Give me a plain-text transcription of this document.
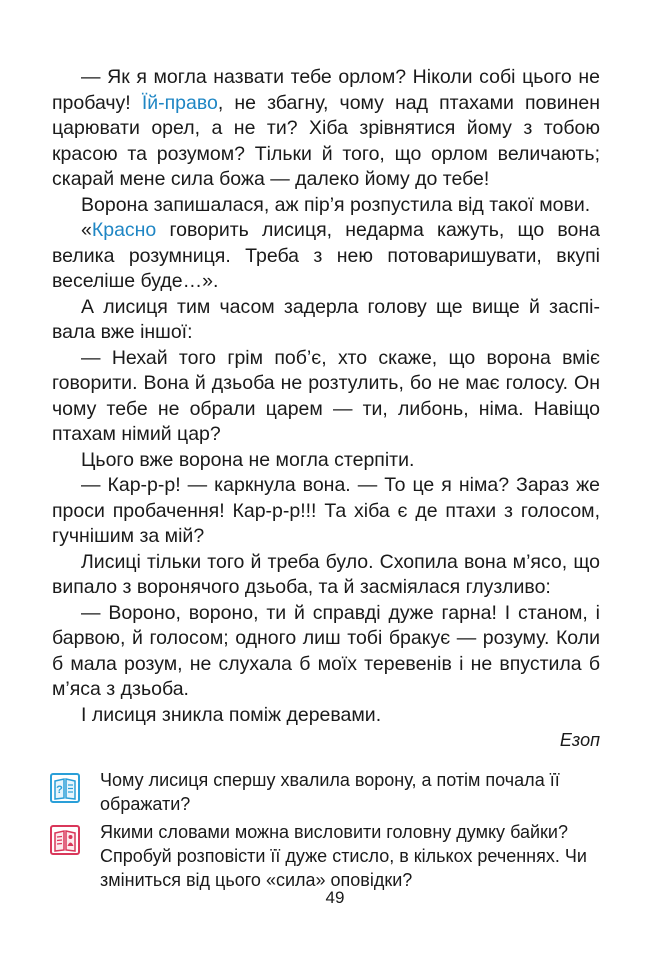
— Як я могла назвати тебе орлом? Ніколи собі цього не пробачу! Їй-право, не збагну, чому над птахами повинен царювати орел, а не ти? Хіба зрівнятися йому з тобою красою та розумом? Тільки й того, що орлом величають; скарай мене сила божа — далеко йому до тебе!

Ворона запишалася, аж пір’я розпустила від такої мови.

«Красно говорить лисиця, недарма кажуть, що вона велика розумниця. Треба з нею потоваришувати, вкупі веселіше буде…».

А лисиця тим часом задерла голову ще вище й заспівала вже іншої:

— Нехай того грім поб’є, хто скаже, що ворона вміє говорити. Вона й дзьоба не розтулить, бо не має голосу. Он чому тебе не обрали царем — ти, либонь, німа. Навіщо птахам німий цар?

Цього вже ворона не могла стерпіти.

— Кар-р-р! — каркнула вона. — То це я німа? Зараз же проси пробачення! Кар-р-р!!! Та хіба є де птахи з голосом, гучнішим за мій?

Лисиці тільки того й треба було. Схопила вона м’ясо, що випало з воронячого дзьоба, та й засміялася глузливо:

— Вороно, вороно, ти й справді дуже гарна! І станом, і барвою, й голосом; одного лиш тобі бракує — розуму. Коли б мала розум, не слухала б моїх теревенів і не впустила б м’яса з дзьоба.

І лисиця зникла поміж деревами.

Езоп

? Чому лисиця спершу хвалила ворону, а потім почала її ображати?
Якими словами можна висловити головну думку байки? Спробуй розповісти її дуже стисло, в кількох реченнях. Чи зміниться від цього «сила» оповідки?
49
